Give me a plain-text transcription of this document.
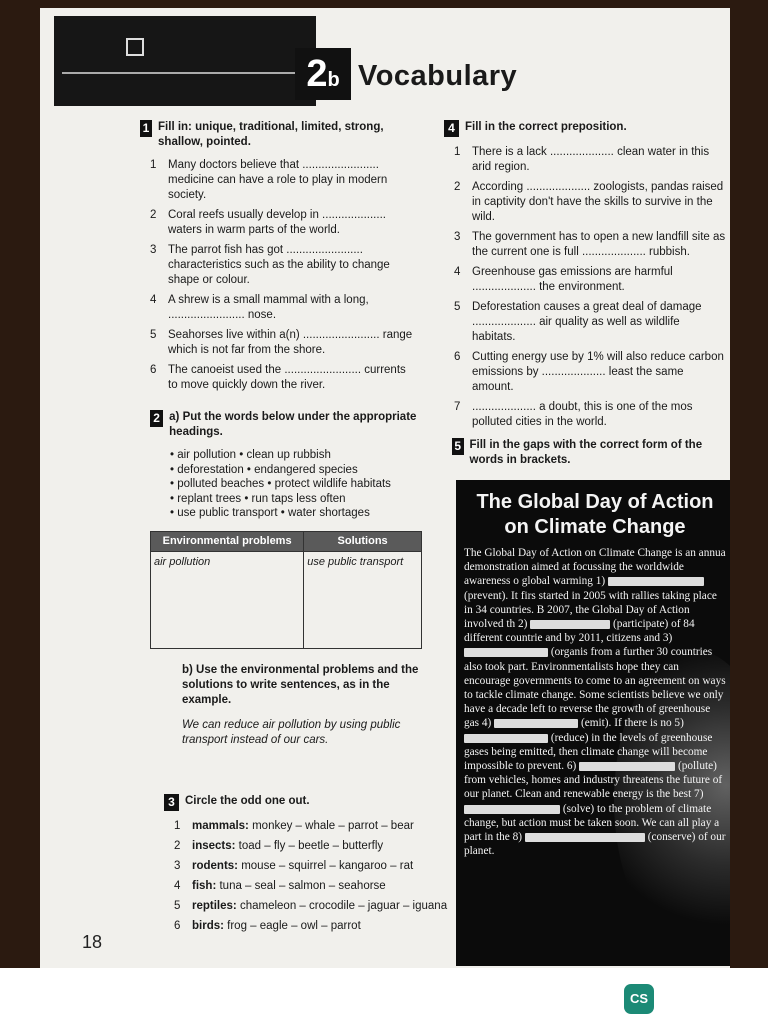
2b Vocabulary
1 Fill in: unique, traditional, limited, strong, shallow, pointed.
1	Many doctors believe that ........................ medicine can have a role to play in modern society.
2	Coral reefs usually develop in .................... waters in warm parts of the world.
3	The parrot fish has got ........................ characteristics such as the ability to change shape or colour.
4	A shrew is a small mammal with a long, ........................ nose.
5	Seahorses live within a(n) ........................ range which is not far from the shore.
6	The canoeist used the ........................ currents to move quickly down the river.
2 a) Put the words below under the appropriate headings.
• air pollution • clean up rubbish
• deforestation • endangered species
• polluted beaches • protect wildlife habitats
• replant trees • run taps less often
• use public transport • water shortages
Environmental problems	Solutions
air pollution	use public transport
b) Use the environmental problems and the solutions to write sentences, as in the example.
We can reduce air pollution by using public transport instead of our cars.
3 Circle the odd one out.
1	mammals: monkey – whale – parrot – bear
2	insects: toad – fly – beetle – butterfly
3	rodents: mouse – squirrel – kangaroo – rat
4	fish: tuna – seal – salmon – seahorse
5	reptiles: chameleon – crocodile – jaguar – iguana
6	birds: frog – eagle – owl – parrot
4 Fill in the correct preposition.
1	There is a lack .................... clean water in this arid region.
2	According .................... zoologists, pandas raised in captivity don't have the skills to survive in the wild.
3	The government has to open a new landfill site as the current one is full .................... rubbish.
4	Greenhouse gas emissions are harmful .................... the environment.
5	Deforestation causes a great deal of damage .................... air quality as well as wildlife habitats.
6	Cutting energy use by 1% will also reduce carbon emissions by .................... least the same amount.
7	.................... a doubt, this is one of the mos polluted cities in the world.
5 Fill in the gaps with the correct form of the words in brackets.
The Global Day of Action
on Climate Change
The Global Day of Action on Climate Change is an annua demonstration aimed at focussing the worldwide awareness o global warming 1)  (prevent). It firs started in 2005 with rallies taking place in 34 countries. B 2007, the Global Day of Action involved th 2)	(participate) of 84 different countrie and by 2011, citizens and 3)  (organis from a further 30 countries also took part. Environmentalists hope they can encourage governments to come to an agreement on ways to tackle climate change. Some scientists believe we only have a decade left to reverse the growth of greenhouse gas 4)	(emit). If there is no 5)  (reduce) in the levels of greenhouse gases being emitted, then climate change will become impossible to prevent. 6)	(pollute) from vehicles, homes and industry threatens the future of our planet. Clean and renewable energy is the best 7)  (solve) to the problem of climate change, but action must be taken soon. We can all play a part in the 8)	(conserve) of our planet.
18
CS
